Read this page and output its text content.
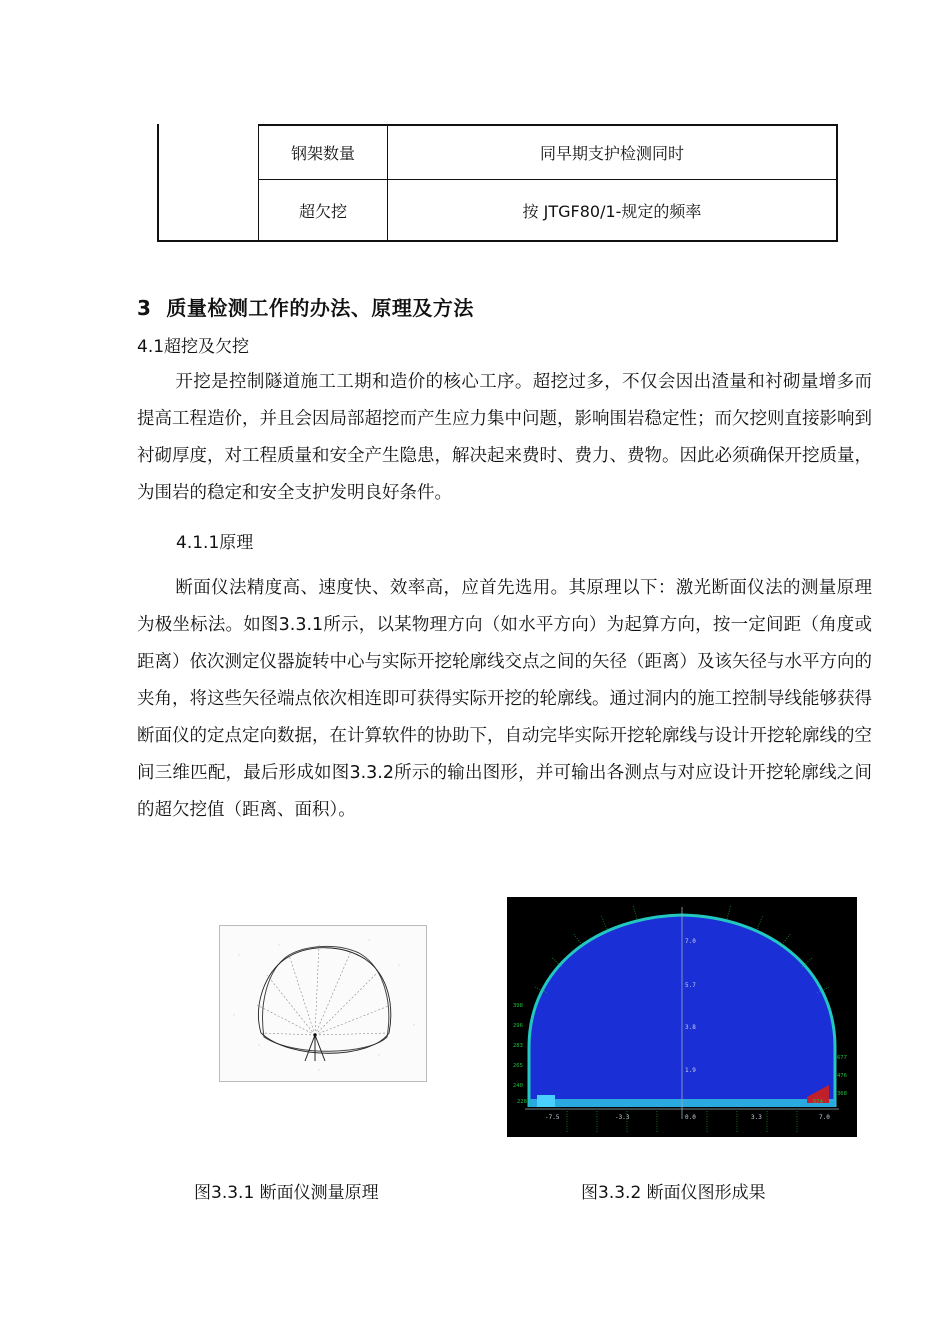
钢架数量	同早期支护检测同时
超欠挖	按 JTGF80/1-规定的频率
3  质量检测工作的办法、原理及方法
4.1超挖及欠挖
开挖是控制隧道施工工期和造价的核心工序。超挖过多，不仅会因出渣量和衬砌量增多而提高工程造价，并且会因局部超挖而产生应力集中问题，影响围岩稳定性；而欠挖则直接影响到衬砌厚度，对工程质量和安全产生隐患，解决起来费时、费力、费物。因此必须确保开挖质量，为围岩的稳定和安全支护发明良好条件。
4.1.1原理
断面仪法精度高、速度快、效率高，应首先选用。其原理以下：激光断面仪法的测量原理为极坐标法。如图3.3.1所示，以某物理方向（如水平方向）为起算方向，按一定间距（角度或距离）依次测定仪器旋转中心与实际开挖轮廓线交点之间的矢径（距离）及该矢径与水平方向的夹角，将这些矢径端点依次相连即可获得实际开挖的轮廓线。通过洞内的施工控制导线能够获得断面仪的定点定向数据，在计算软件的协助下，自动完毕实际开挖轮廓线与设计开挖轮廓线的空间三维匹配，最后形成如图3.3.2所示的输出图形，并可输出各测点与对应设计开挖轮廓线之间的超欠挖值（距离、面积）。
7.0
5.7
3.8
1.9
-7.5	-3.3	0.0	3.3	7.0
398
296
283
265
240
228
677
476
368
574
图3.3.1 断面仪测量原理	图3.3.2 断面仪图形成果
